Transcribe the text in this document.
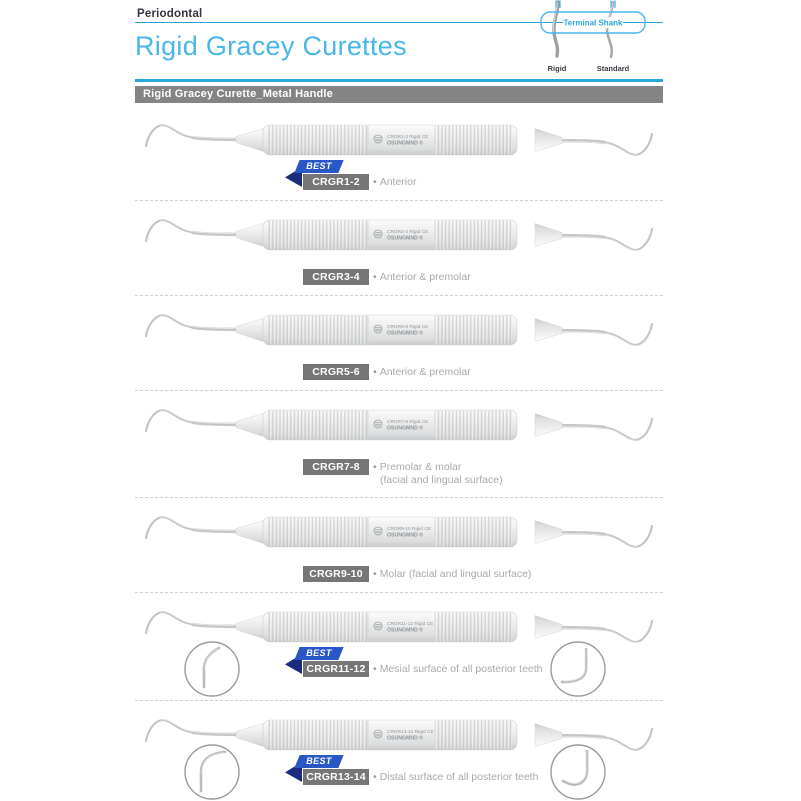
Periodontal
Rigid Gracey Curettes
Terminal Shank
Rigid	Standard
Rigid Gracey Curette_Metal Handle
CRGR1-2 Rigid CE
OSUNGMND ®
BEST
CRGR1-2	• Anterior
CRGR3-4 Rigid CE
OSUNGMND ®
CRGR3-4	• Anterior & premolar
CRGR5-6 Rigid CE
OSUNGMND ®
CRGR5-6	• Anterior & premolar
CRGR7-8 Rigid CE
OSUNGMND ®
CRGR7-8	• Premolar & molar
(facial and lingual surface)
CRGR9-10 Rigid CE
OSUNGMND ®
CRGR9-10 • Molar (facial and lingual surface)
CRGR11-12 Rigid CE
OSUNGMND ®
BEST
CRGR11-12 • Mesial surface of all posterior teeth
CRGR13-14 Rigid CE
OSUNGMND ®
BEST
CRGR13-14 • Distal surface of all posterior teeth
